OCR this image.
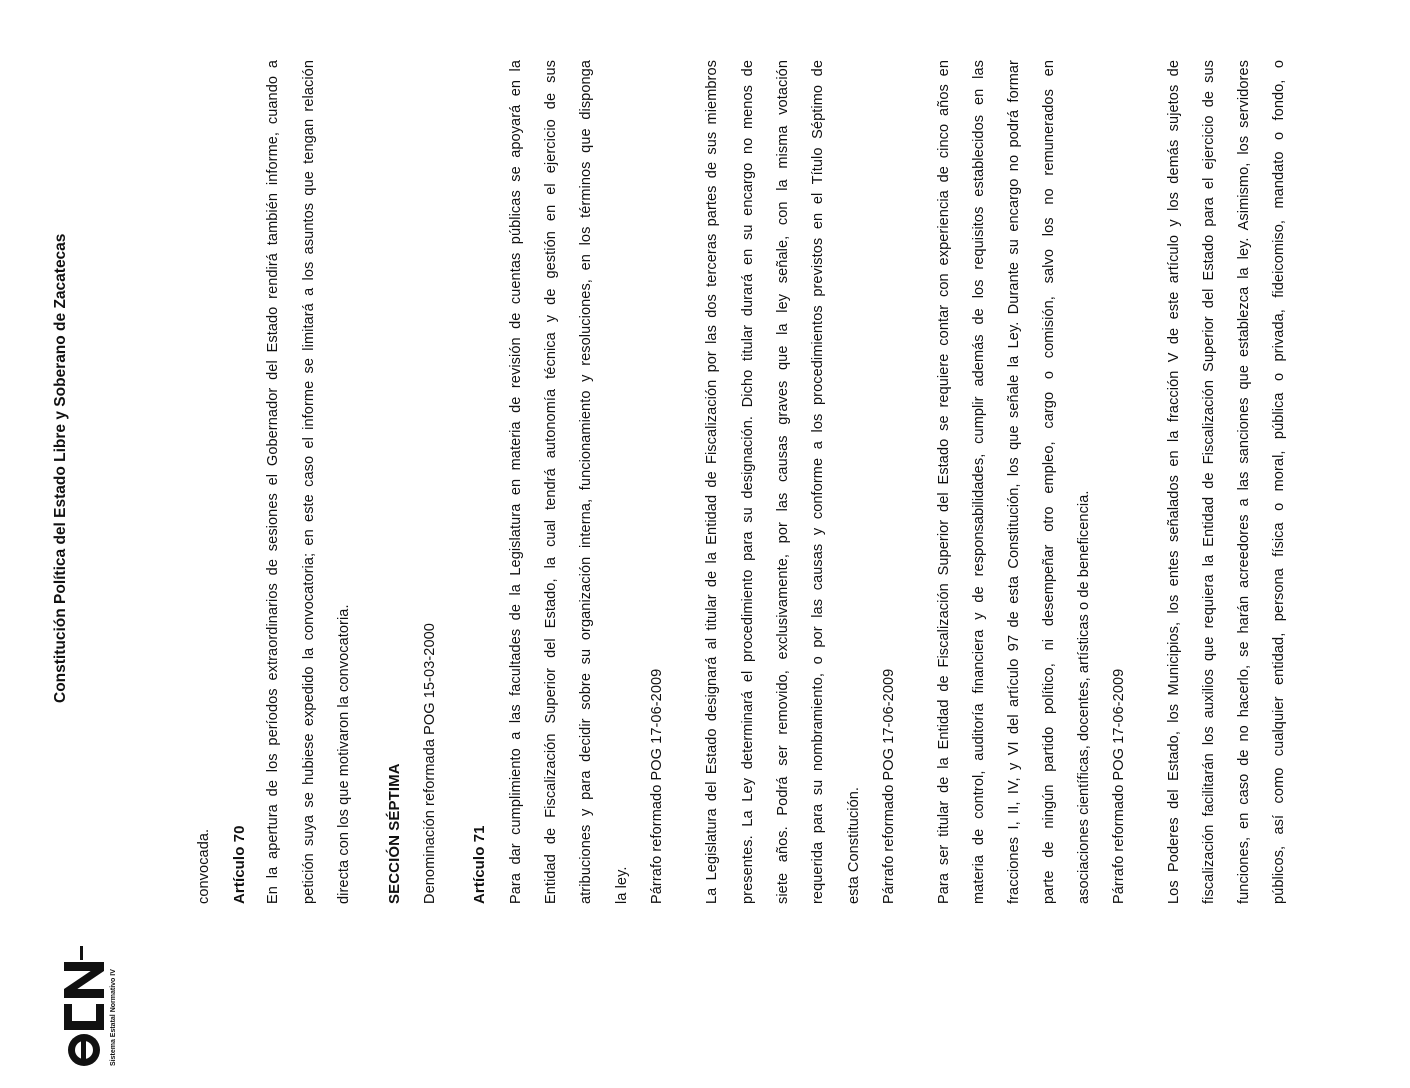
Sistema Estatal Normativo IV
Constitución Política del Estado Libre y Soberano de Zacatecas
convocada. Artículo 70 En la apertura de los períodos extraordinarios de sesiones el Gobernador del Estado rendirá también informe, cuando a petición suya se hubiese expedido la convocatoria; en este caso el informe se limitará a los asuntos que tengan relación directa con los que motivaron la convocatoria. SECCIÓN SÉPTIMA Denominación reformada POG 15-03-2000 Artículo 71 Para dar cumplimiento a las facultades de la Legislatura en materia de revisión de cuentas públicas se apoyará en la Entidad de Fiscalización Superior del Estado, la cual tendrá autonomía técnica y de gestión en el ejercicio de sus atribuciones y para decidir sobre su organización interna, funcionamiento y resoluciones, en los términos que disponga la ley. Párrafo reformado POG 17-06-2009	La Legislatura del Estado designará al titular de la Entidad de Fiscalización por las dos terceras partes de sus miembros presentes. La Ley determinará el procedimiento para su designación. Dicho titular durará en su encargo no menos de siete años. Podrá ser removido, exclusivamente, por las causas graves que la ley señale, con la misma votación requerida para su nombramiento, o por las causas y conforme a los procedimientos previstos en el Título Séptimo de esta Constitución. Párrafo reformado POG 17-06-2009	Para ser titular de la Entidad de Fiscalización Superior del Estado se requiere contar con experiencia de cinco años en materia de control, auditoría financiera y de responsabilidades, cumplir además de los requisitos establecidos en las fracciones I, II, IV, y VI del artículo 97 de esta Constitución, los que señale la Ley. Durante su encargo no podrá formar parte de ningún partido político, ni desempeñar otro empleo, cargo o comisión, salvo los no remunerados en asociaciones científicas, docentes, artísticas o de beneficencia. Párrafo reformado POG 17-06-2009	Los Poderes del Estado, los Municipios, los entes señalados en la fracción V de este artículo y los demás sujetos de fiscalización facilitarán los auxilios que requiera la Entidad de Fiscalización Superior del Estado para el ejercicio de sus funciones, en caso de no hacerlo, se harán acreedores a las sanciones que establezca la ley. Asimismo, los servidores públicos, así como cualquier entidad, persona física o moral, pública o privada, fideicomiso, mandato o fondo, o
